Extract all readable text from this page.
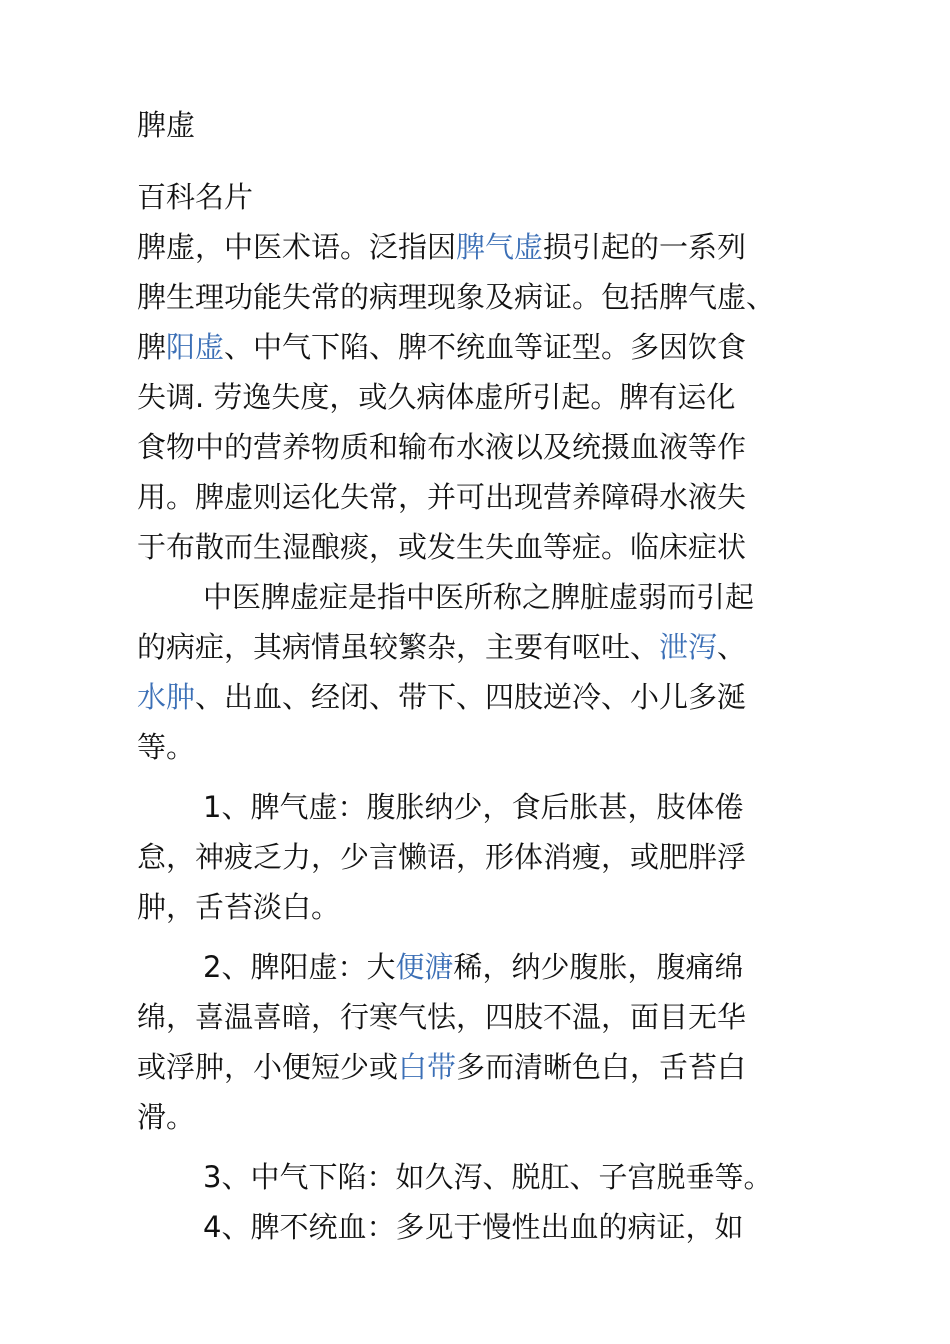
脾虚
百科名片
脾虚，中医术语。泛指因脾气虚损引起的一系列
脾生理功能失常的病理现象及病证。包括脾气虚、
脾阳虚、中气下陷、脾不统血等证型。多因饮食
失调. 劳逸失度，或久病体虚所引起。脾有运化
食物中的营养物质和输布水液以及统摄血液等作
用。脾虚则运化失常，并可出现营养障碍水液失
于布散而生湿酿痰，或发生失血等症。临床症状
中医脾虚症是指中医所称之脾脏虚弱而引起
的病症，其病情虽较繁杂，主要有呕吐、泄泻、
水肿、出血、经闭、带下、四肢逆冷、小儿多涎
等。
1、脾气虚：腹胀纳少，食后胀甚，肢体倦
怠，神疲乏力，少言懒语，形体消瘦，或肥胖浮
肿，舌苔淡白。
2、脾阳虚：大便溏稀，纳少腹胀，腹痛绵
绵，喜温喜暗，行寒气怯，四肢不温，面目无华
或浮肿，小便短少或白带多而清晰色白，舌苔白
滑。
3、中气下陷：如久泻、脱肛、子宫脱垂等。
4、脾不统血：多见于慢性出血的病证，如
